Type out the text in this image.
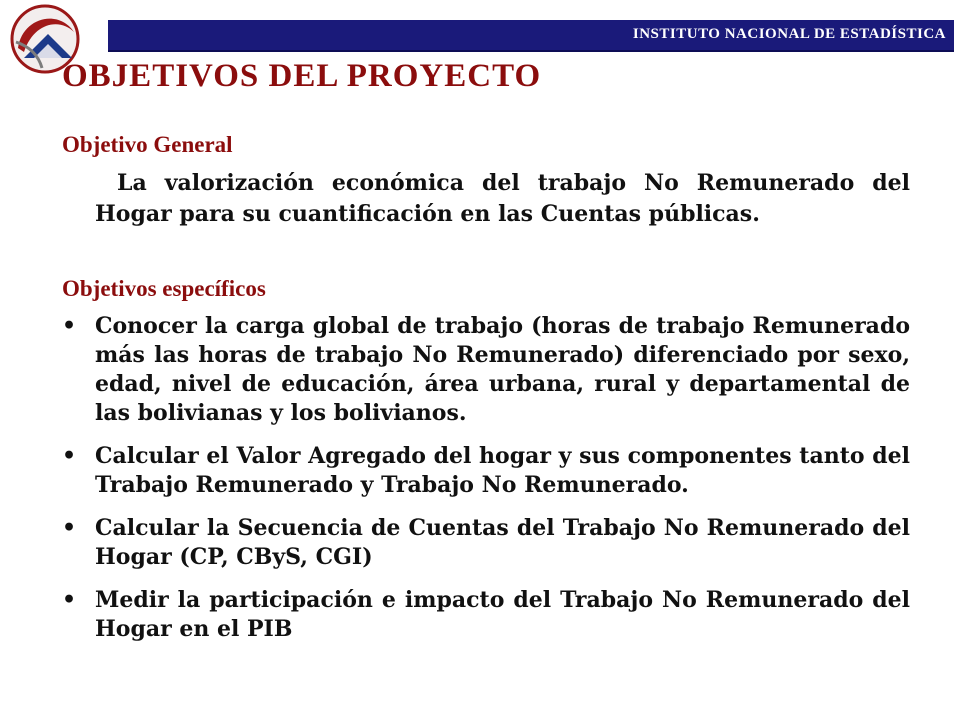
INSTITUTO NACIONAL DE ESTADÍSTICA
OBJETIVOS DEL PROYECTO
Objetivo General

La valorización económica del trabajo No Remunerado del Hogar para su cuantificación en las Cuentas públicas.

Objetivos específicos
• Conocer la carga global de trabajo (horas de trabajo Remunerado más las horas de trabajo No Remunerado) diferenciado por sexo, edad, nivel de educación, área urbana, rural y departamental de las bolivianas y los bolivianos.
• Calcular el Valor Agregado del hogar y sus componentes tanto del Trabajo Remunerado y Trabajo No Remunerado.
• Calcular la Secuencia de Cuentas del Trabajo No Remunerado del Hogar (CP, CByS, CGI)
• Medir la participación e impacto del Trabajo No Remunerado del Hogar en el PIB
